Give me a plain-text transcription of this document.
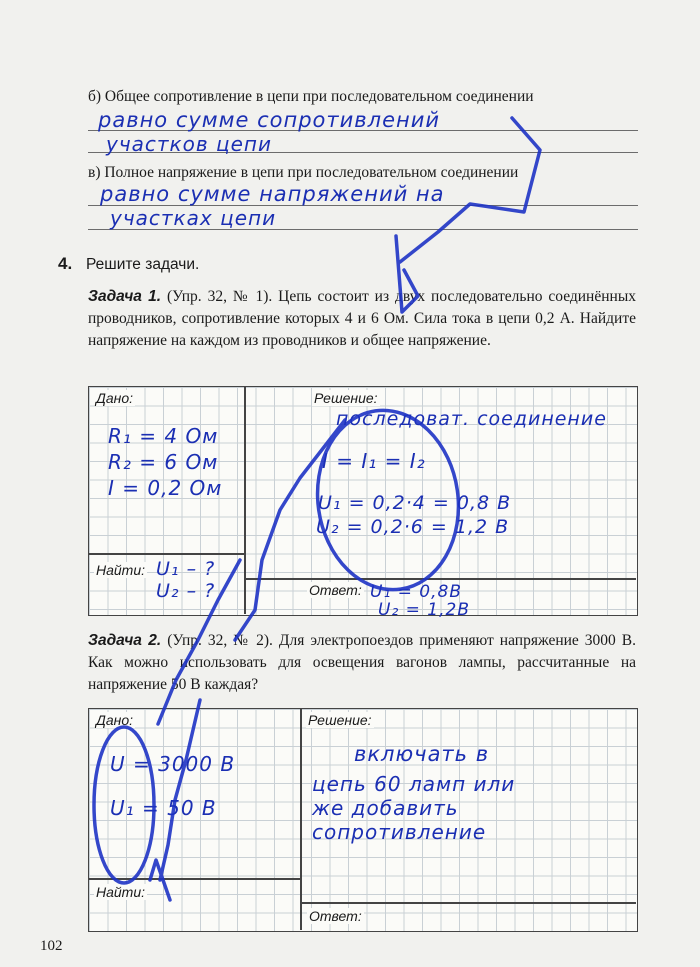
б) Общее сопротивление в цепи при последовательном соединении
равно сумме сопротивлений
участков цепи
в) Полное напряжение в цепи при последовательном соединении
равно сумме напряжений на
участках цепи
4. Решите задачи.
Задача 1. (Упр. 32, № 1). Цепь состоит из двух последовательно соединённых проводников, сопротивление которых 4 и 6 Ом. Сила тока в цепи 0,2 А. Найдите напряжение на каждом из проводников и общее напряжение.
Дано:	Решение:
Найти:
Ответ:
R₁ = 4 Ом
R₂ = 6 Ом
I = 0,2 Ом
U₁ – ?
U₂ – ?
последоват. соединение
I = I₁ = I₂
U₁ = 0,2·4 = 0,8 В
U₂ = 0,2·6 = 1,2 В
U₁ = 0,8В
U₂ = 1,2В
Задача 2. (Упр. 32, № 2). Для электропоездов применяют напряжение 3000 В. Как можно использовать для освещения вагонов лампы, рассчитанные на напряжение 50 В каждая?
Дано:	Решение:
Найти:
Ответ:
U = 3000 В
U₁ = 50 В
включать в
цепь 60 ламп или
же добавить
сопротивление
102
